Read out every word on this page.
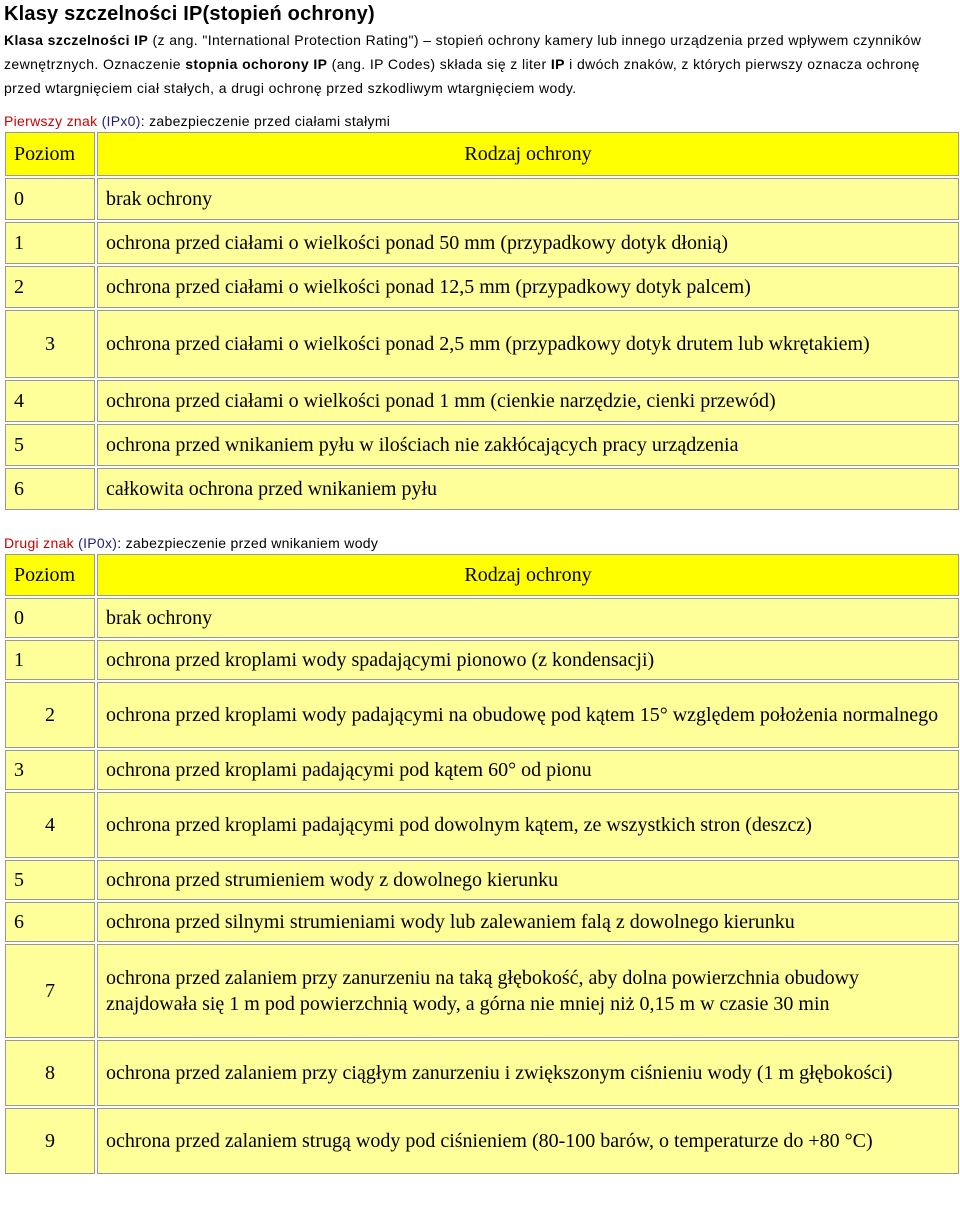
Klasy szczelności IP(stopień ochrony)

Klasa szczelności IP (z ang. "International Protection Rating") – stopień ochrony kamery lub innego urządzenia przed wpływem czynników zewnętrznych. Oznaczenie stopnia ochorony IP (ang. IP Codes) składa się z liter IP i dwóch znaków, z których pierwszy oznacza ochronę przed wtargnięciem ciał stałych, a drugi ochronę przed szkodliwym wtargnięciem wody.

Pierwszy znak (IPx0): zabezpieczenie przed ciałami stałymi

Poziom	Rodzaj ochrony
0	brak ochrony
1	ochrona przed ciałami o wielkości ponad 50 mm (przypadkowy dotyk dłonią)
2	ochrona przed ciałami o wielkości ponad 12,5 mm (przypadkowy dotyk palcem)
3	ochrona przed ciałami o wielkości ponad 2,5 mm (przypadkowy dotyk drutem lub wkrętakiem)
4	ochrona przed ciałami o wielkości ponad 1 mm (cienkie narzędzie, cienki przewód)
5	ochrona przed wnikaniem pyłu w ilościach nie zakłócających pracy urządzenia
6	całkowita ochrona przed wnikaniem pyłu

Drugi znak (IP0x): zabezpieczenie przed wnikaniem wody

Poziom	Rodzaj ochrony
0	brak ochrony
1	ochrona przed kroplami wody spadającymi pionowo (z kondensacji)
2	ochrona przed kroplami wody padającymi na obudowę pod kątem 15° względem położenia normalnego
3	ochrona przed kroplami padającymi pod kątem 60° od pionu
4	ochrona przed kroplami padającymi pod dowolnym kątem, ze wszystkich stron (deszcz)
5	ochrona przed strumieniem wody z dowolnego kierunku
6	ochrona przed silnymi strumieniami wody lub zalewaniem falą z dowolnego kierunku
7	ochrona przed zalaniem przy zanurzeniu na taką głębokość, aby dolna powierzchnia obudowy znajdowała się 1 m pod powierzchnią wody, a górna nie mniej niż 0,15 m w czasie 30 min
8	ochrona przed zalaniem przy ciągłym zanurzeniu i zwiększonym ciśnieniu wody (1 m głębokości)
9	ochrona przed zalaniem strugą wody pod ciśnieniem (80-100 barów, o temperaturze do +80 °C)
